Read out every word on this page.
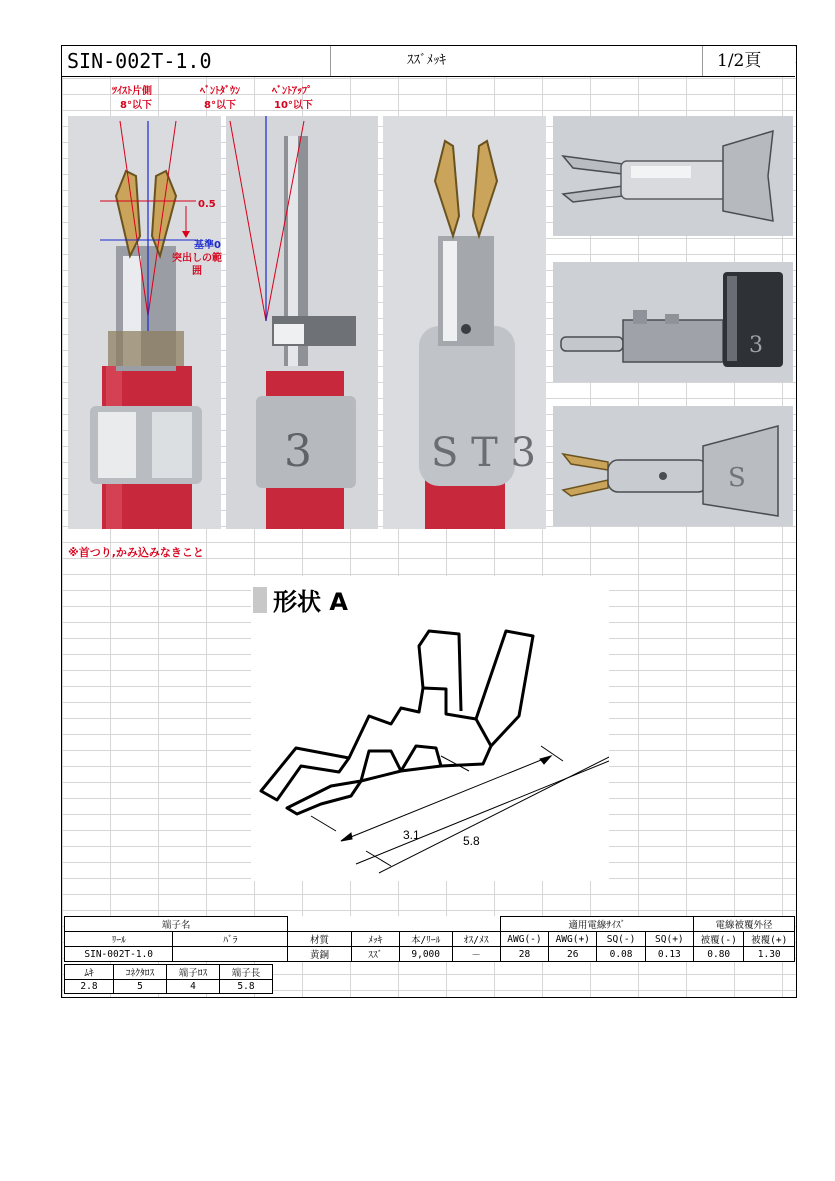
SIN-002T-1.0	ｽｽﾞﾒｯｷ	1/2頁
ﾂｲｽﾄ片側
8°以下
0.5
基準0
突出しの範囲
3
ﾍﾞﾝﾄﾀﾞｳﾝ
8°以下
ﾍﾞﾝﾄｱｯﾌﾟ
10°以下
S T 3
3
S
※首つり,かみ込みなきこと
形状 A
3.1	5.8
端子名						適用電線ｻｲｽﾞ				電線被覆外径	
ﾘｰﾙ	ﾊﾞﾗ	材質	ﾒｯｷ	本/ﾘｰﾙ	ｵｽ/ﾒｽ	AWG(-)	AWG(+)	SQ(-)	SQ(+)	被覆(-)	被覆(+)
SIN-002T-1.0		黄銅	ｽｽﾞ	9,000	－	28	26	0.08	0.13	0.80	1.30
ﾑｷ	ｺﾈｸﾀﾛｽ	端子ﾛｽ	端子長
2.8	5	4	5.8
